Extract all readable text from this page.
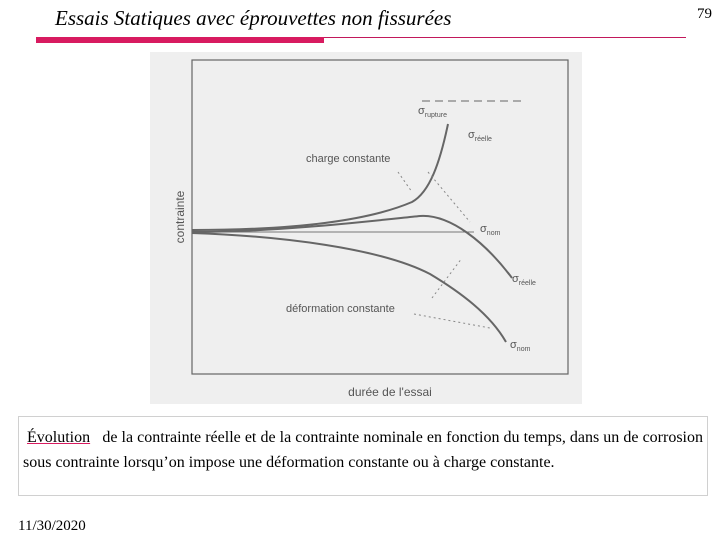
Essais Statiques avec éprouvettes non fissurées	79
contrainte
durée de l'essai
$\sigma_{rupture}$
$\sigma_{réelle}$
charge constante
$\sigma_{nom}$
$\sigma_{réelle}$
déformation constante
$\sigma_{nom}$

Évolution de la contrainte réelle et de la contrainte nominale en fonction du temps, dans un de corrosion sous contrainte lorsqu’on impose une déformation constante ou à charge constante.

11/30/2020
